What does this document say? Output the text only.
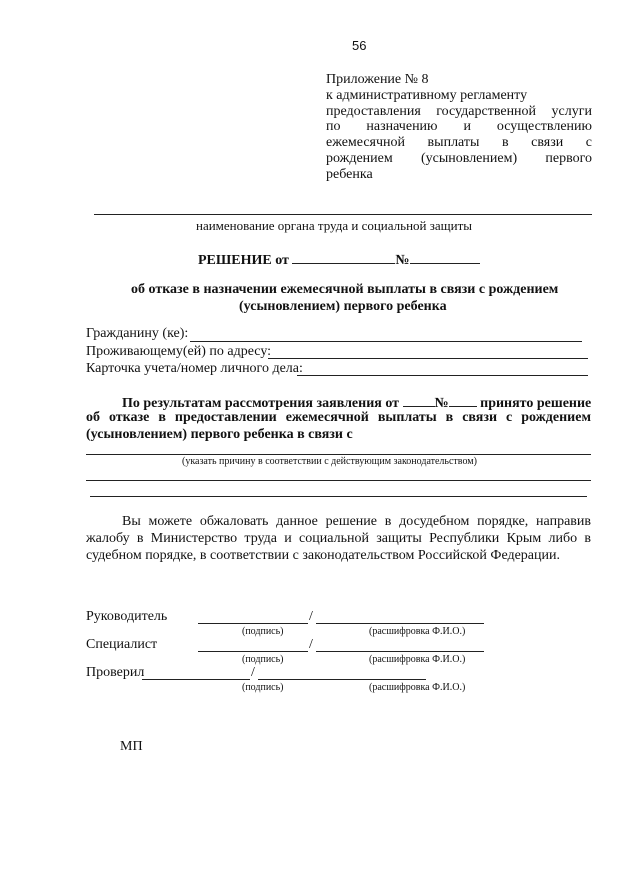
56
Приложение № 8
к административному регламенту
предоставления государственной услуги
по назначению и осуществлению
ежемесячной выплаты в связи с
рождением (усыновлением) первого
ребенка
наименование органа труда и социальной защиты
РЕШЕНИЕ от	№
об отказе в назначении ежемесячной выплаты в связи с рождением
(усыновлением) первого ребенка
Гражданину (ке):
Проживающему(ей) по адресу:
Карточка учета/номер личного дела:
По результатам рассмотрения заявления от	№ принято решение
об отказе в предоставлении ежемесячной выплаты в связи с рождением
(усыновлением) первого ребенка в связи с
(указать причину в соответствии с действующим законодательством)
Вы можете обжаловать данное решение в досудебном порядке, направив
жалобу в Министерство труда и социальной защиты Республики Крым либо в
судебном порядке, в соответствии с законодательством Российской Федерации.
Руководитель	/
(подпись)	(расшифровка Ф.И.О.)
Специалист	/
(подпись)	(расшифровка Ф.И.О.)
Проверил	/
(подпись)	(расшифровка Ф.И.О.)
МП
